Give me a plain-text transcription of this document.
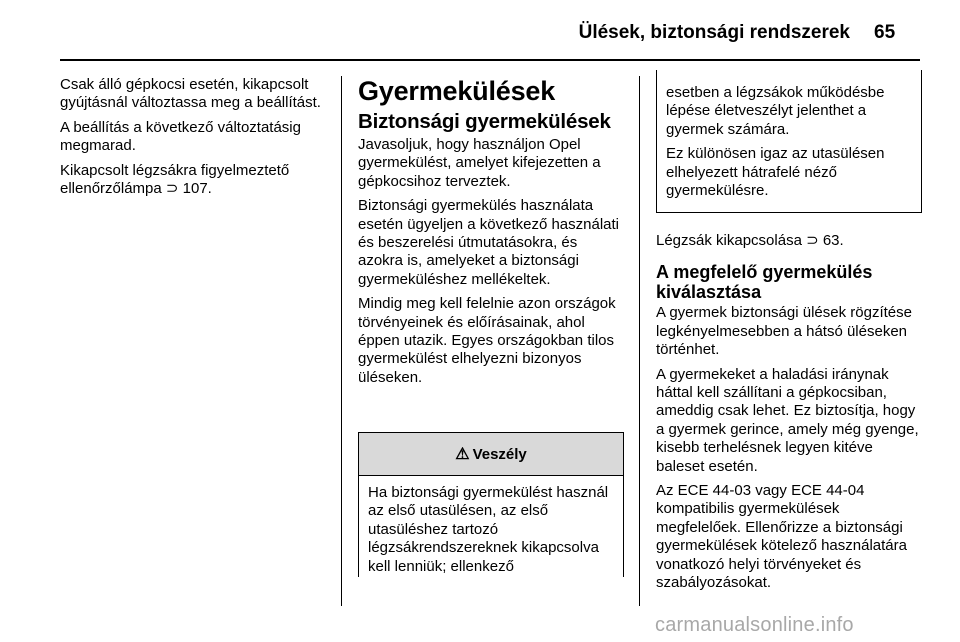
Ülések, biztonsági rendszerek 65

Csak álló gépkocsi esetén, kikapcsolt gyújtásnál változtassa meg a beállítást.

A beállítás a következő változtatásig megmarad.

Kikapcsolt légzsákra figyelmeztető ellenőrzőlámpa ⊃ 107.

Gyermekülések
Biztonsági gyermekülések

Javasoljuk, hogy használjon Opel gyermekülést, amelyet kifejezetten a gépkocsihoz terveztek.

Biztonsági gyermekülés használata esetén ügyeljen a következő használati és beszerelési útmutatásokra, és azokra is, amelyeket a biztonsági gyermeküléshez mellékeltek.

Mindig meg kell felelnie azon országok törvényeinek és előírásainak, ahol éppen utazik. Egyes országokban tilos gyermekülést elhelyezni bizonyos üléseken.

⚠ Veszély

Ha biztonsági gyermekülést használ az első utasülésen, az első utasüléshez tartozó légzsákrendszereknek kikapcsolva kell lenniük; ellenkező

esetben a légzsákok működésbe lépése életveszélyt jelenthet a gyermek számára.

Ez különösen igaz az utasülésen elhelyezett hátrafelé néző gyermekülésre.

Légzsák kikapcsolása ⊃ 63.

A megfelelő gyermekülés kiválasztása

A gyermek biztonsági ülések rögzítése legkényelmesebben a hátsó üléseken történhet.

A gyermekeket a haladási iránynak háttal kell szállítani a gépkocsiban, ameddig csak lehet. Ez biztosítja, hogy a gyermek gerince, amely még gyenge, kisebb terhelésnek legyen kitéve baleset esetén.

Az ECE 44-03 vagy ECE 44-04 kompatibilis gyermekülések megfelelőek. Ellenőrizze a biztonsági gyermekülések kötelező használatára vonatkozó helyi törvényeket és szabályozásokat.

carmanualsonline.info
